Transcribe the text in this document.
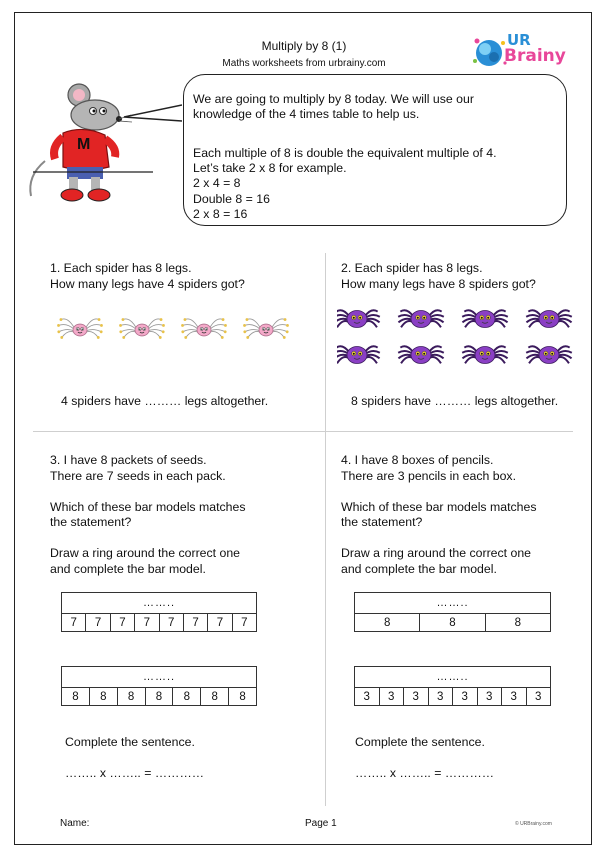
Multiply by 8 (1)
Maths worksheets from urbrainy.com
UR
Brainy
M
We are going to multiply by 8 today. We will use our
knowledge of the 4 times table to help us.
Each multiple of 8 is double the equivalent multiple of 4.
Let’s take 2 x 8 for example.
2 x 4 = 8
Double 8 = 16
2 x 8 = 16
1. Each spider has 8 legs.
How many legs have 4 spiders got?
4 spiders have ……… legs altogether.
2. Each spider has 8 legs.
How many legs have 8 spiders got?
8 spiders have ……… legs altogether.
3. I have 8 packets of seeds.
There are 7 seeds in each pack.

Which of these bar models matches
the statement?

Draw a ring around the correct one
and complete the bar model.
……..
7	7	7	7	7	7	7	7
……..
8	8	8	8	8	8	8
Complete the sentence.
…….. x …….. = …………
4. I have 8 boxes of pencils.
There are 3 pencils in each box.

Which of these bar models matches
the statement?

Draw a ring around the correct one
and complete the bar model.
……..
8	8	8
……..
3	3	3	3	3	3	3	3
Complete the sentence.
…….. x …….. = …………
Name:	Page 1	© URBrainy.com
